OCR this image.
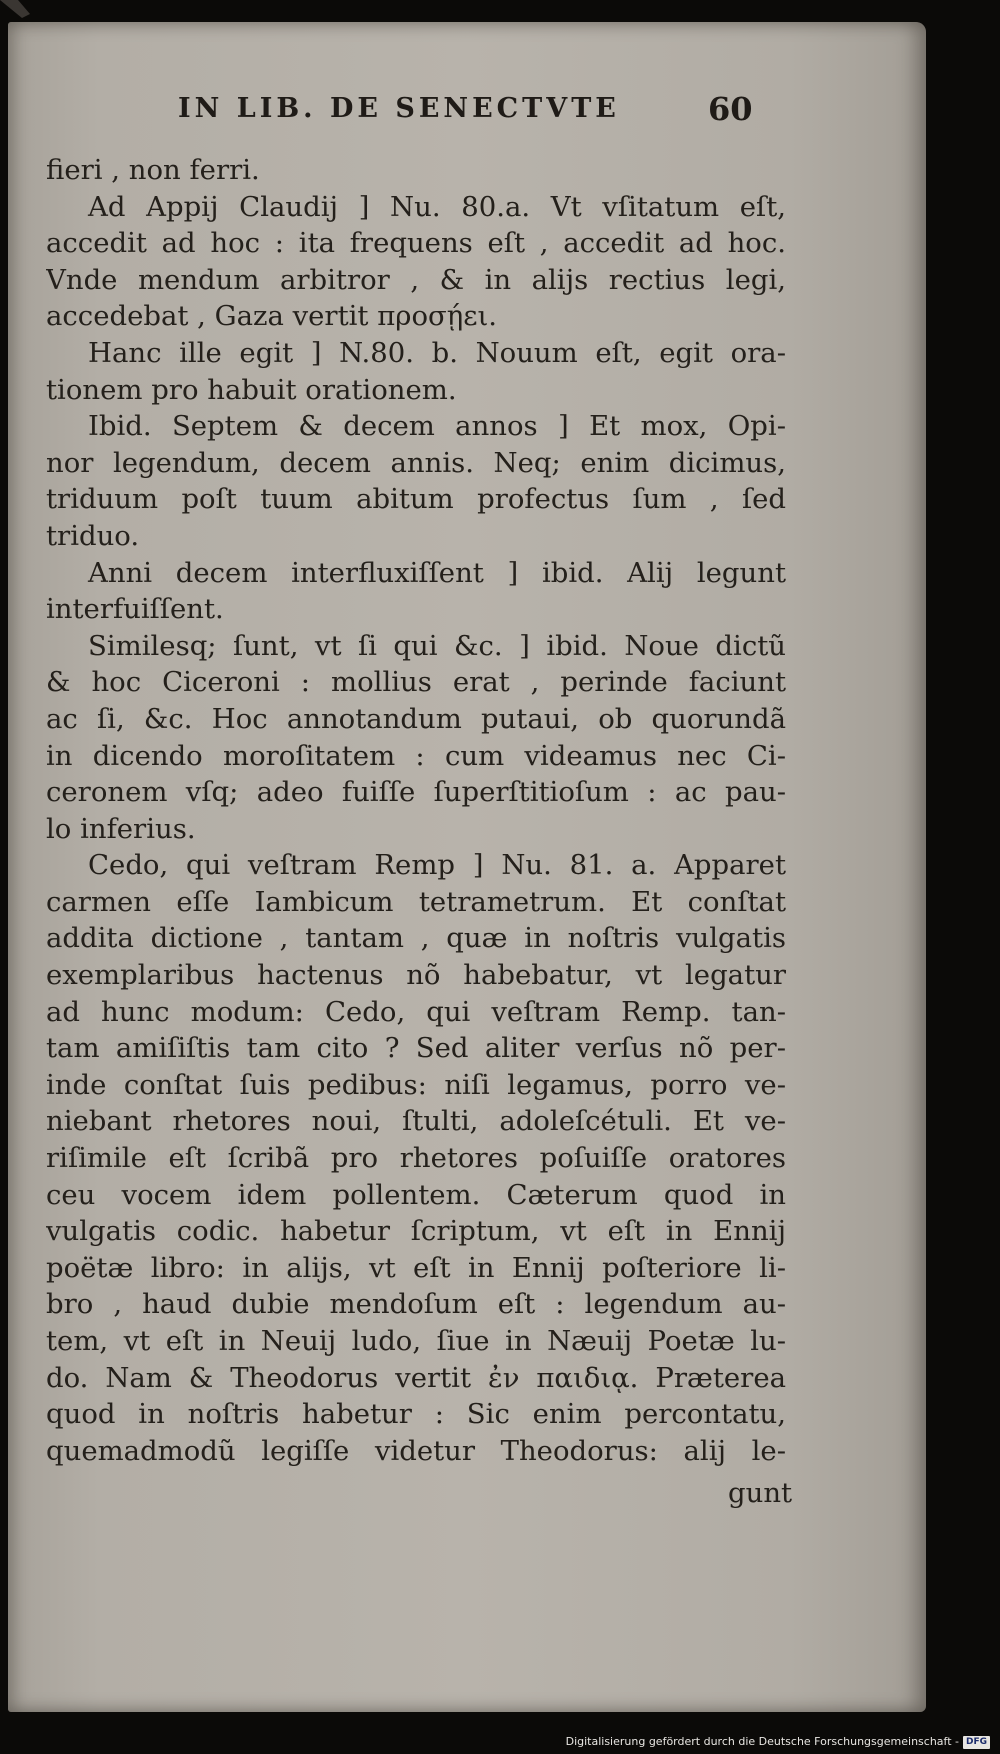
IN LIB. DE SENECTVTE	60
fieri , non ferri.
Ad Appij Claudij ] Nu. 80.a. Vt vſitatum eſt,
accedit ad hoc : ita frequens eſt , accedit ad hoc.
Vnde mendum arbitror , & in alijs rectius legi,
accedebat , Gaza vertit προσῄει.
Hanc ille egit ] N.80. b. Nouum eſt, egit ora-
tionem pro habuit orationem.
Ibid. Septem & decem annos ] Et mox, Opi-
nor legendum, decem annis. Neq; enim dicimus,
triduum poſt tuum abitum profectus ſum , ſed
triduo.
Anni decem interfluxiſſent ] ibid. Alij legunt
interfuiſſent.
Similesq; ſunt, vt ſi qui &c. ] ibid. Noue dictũ
& hoc Ciceroni : mollius erat , perinde faciunt
ac ſi, &c. Hoc annotandum putaui, ob quorundã
in dicendo moroſitatem : cum videamus nec Ci-
ceronem vſq; adeo fuiſſe ſuperſtitioſum : ac pau-
lo inferius.
Cedo, qui veſtram Remp ] Nu. 81. a. Apparet
carmen eſſe Iambicum tetrametrum. Et conſtat
addita dictione , tantam , quæ in noſtris vulgatis
exemplaribus hactenus nõ habebatur, vt legatur
ad hunc modum: Cedo, qui veſtram Remp. tan-
tam amiſiſtis tam cito ? Sed aliter verſus nõ per-
inde conſtat ſuis pedibus: niſi legamus, porro ve-
niebant rhetores noui, ſtulti, adoleſcétuli. Et ve-
riſimile eſt ſcribã pro rhetores poſuiſſe oratores
ceu vocem idem pollentem. Cæterum quod in
vulgatis codic. habetur ſcriptum, vt eſt in Ennij
poëtæ libro: in alijs, vt eſt in Ennij poſteriore li-
bro , haud dubie mendoſum eſt : legendum au-
tem, vt eſt in Neuij ludo, ſiue in Næuij Poetæ lu-
do. Nam & Theodorus vertit ἐν παιδιᾳ. Præterea
quod in noſtris habetur : Sic enim percontatu,
quemadmodũ legiſſe videtur Theodorus: alij le-
gunt
Digitalisierung gefördert durch die Deutsche Forschungsgemeinschaft - DFG
